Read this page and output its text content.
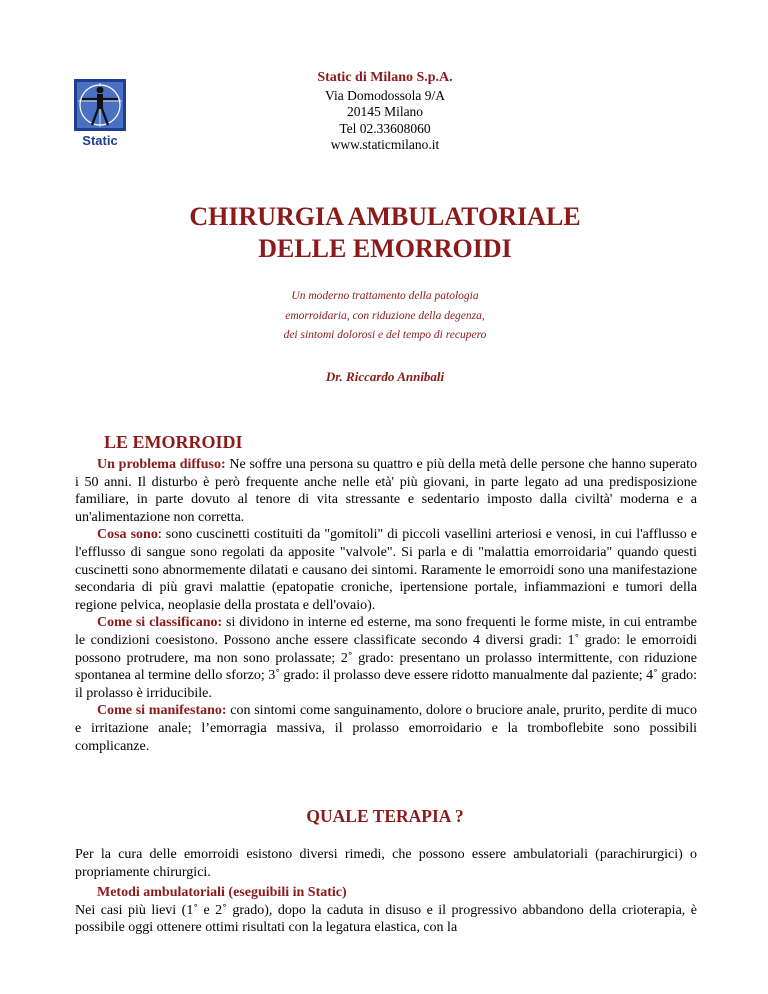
Static
Static di Milano S.p.A.
Via Domodossola 9/A
20145 Milano
Tel 02.33608060
www.staticmilano.it
CHIRURGIA AMBULATORIALE
DELLE EMORROIDI
Un moderno trattamento della patologia
emorroidaria, con riduzione della degenza,
dei sintomi dolorosi e del tempo di recupero
Dr. Riccardo Annibali
LE EMORROIDI

Un problema diffuso: Ne soffre una persona su quattro e più della metà delle persone che hanno superato i 50 anni. Il disturbo è però frequente anche nelle età' più giovani, in parte legato ad una predisposizione familiare, in parte dovuto al tenore di vita stressante e sedentario imposto dalla civiltà' moderna e a un'alimentazione non corretta.

Cosa sono: sono cuscinetti costituiti da "gomitoli" di piccoli vasellini arteriosi e venosi, in cui l'afflusso e l'efflusso di sangue sono regolati da apposite "valvole". Si parla e di "malattia emorroidaria" quando questi cuscinetti sono abnormemente dilatati e causano dei sintomi. Raramente le emorroidi sono una manifestazione secondaria di più gravi malattie (epatopatie croniche, ipertensione portale, infiammazioni e tumori della regione pelvica, neoplasie della prostata e dell'ovaio).

Come si classificano: si dividono in interne ed esterne, ma sono frequenti le forme miste, in cui entrambe le condizioni coesistono. Possono anche essere classificate secondo 4 diversi gradi: 1˚ grado: le emorroidi possono protrudere, ma non sono prolassate; 2˚ grado: presentano un prolasso intermittente, con riduzione spontanea al termine dello sforzo; 3˚ grado: il prolasso deve essere ridotto manualmente dal paziente; 4˚ grado: il prolasso è irriducibile.

Come si manifestano: con sintomi come sanguinamento, dolore o bruciore anale, prurito, perdite di muco e irritazione anale; l’emorragia massiva, il prolasso emorroidario e la tromboflebite sono possibili complicanze.

QUALE TERAPIA ?

Per la cura delle emorroidi esistono diversi rimedi, che possono essere ambulatoriali (parachirurgici) o propriamente chirurgici.

Metodi ambulatoriali (eseguibili in Static)

Nei casi più lievi (1˚ e 2˚ grado), dopo la caduta in disuso e il progressivo abbandono della crioterapia, è possibile oggi ottenere ottimi risultati con la legatura elastica, con la
